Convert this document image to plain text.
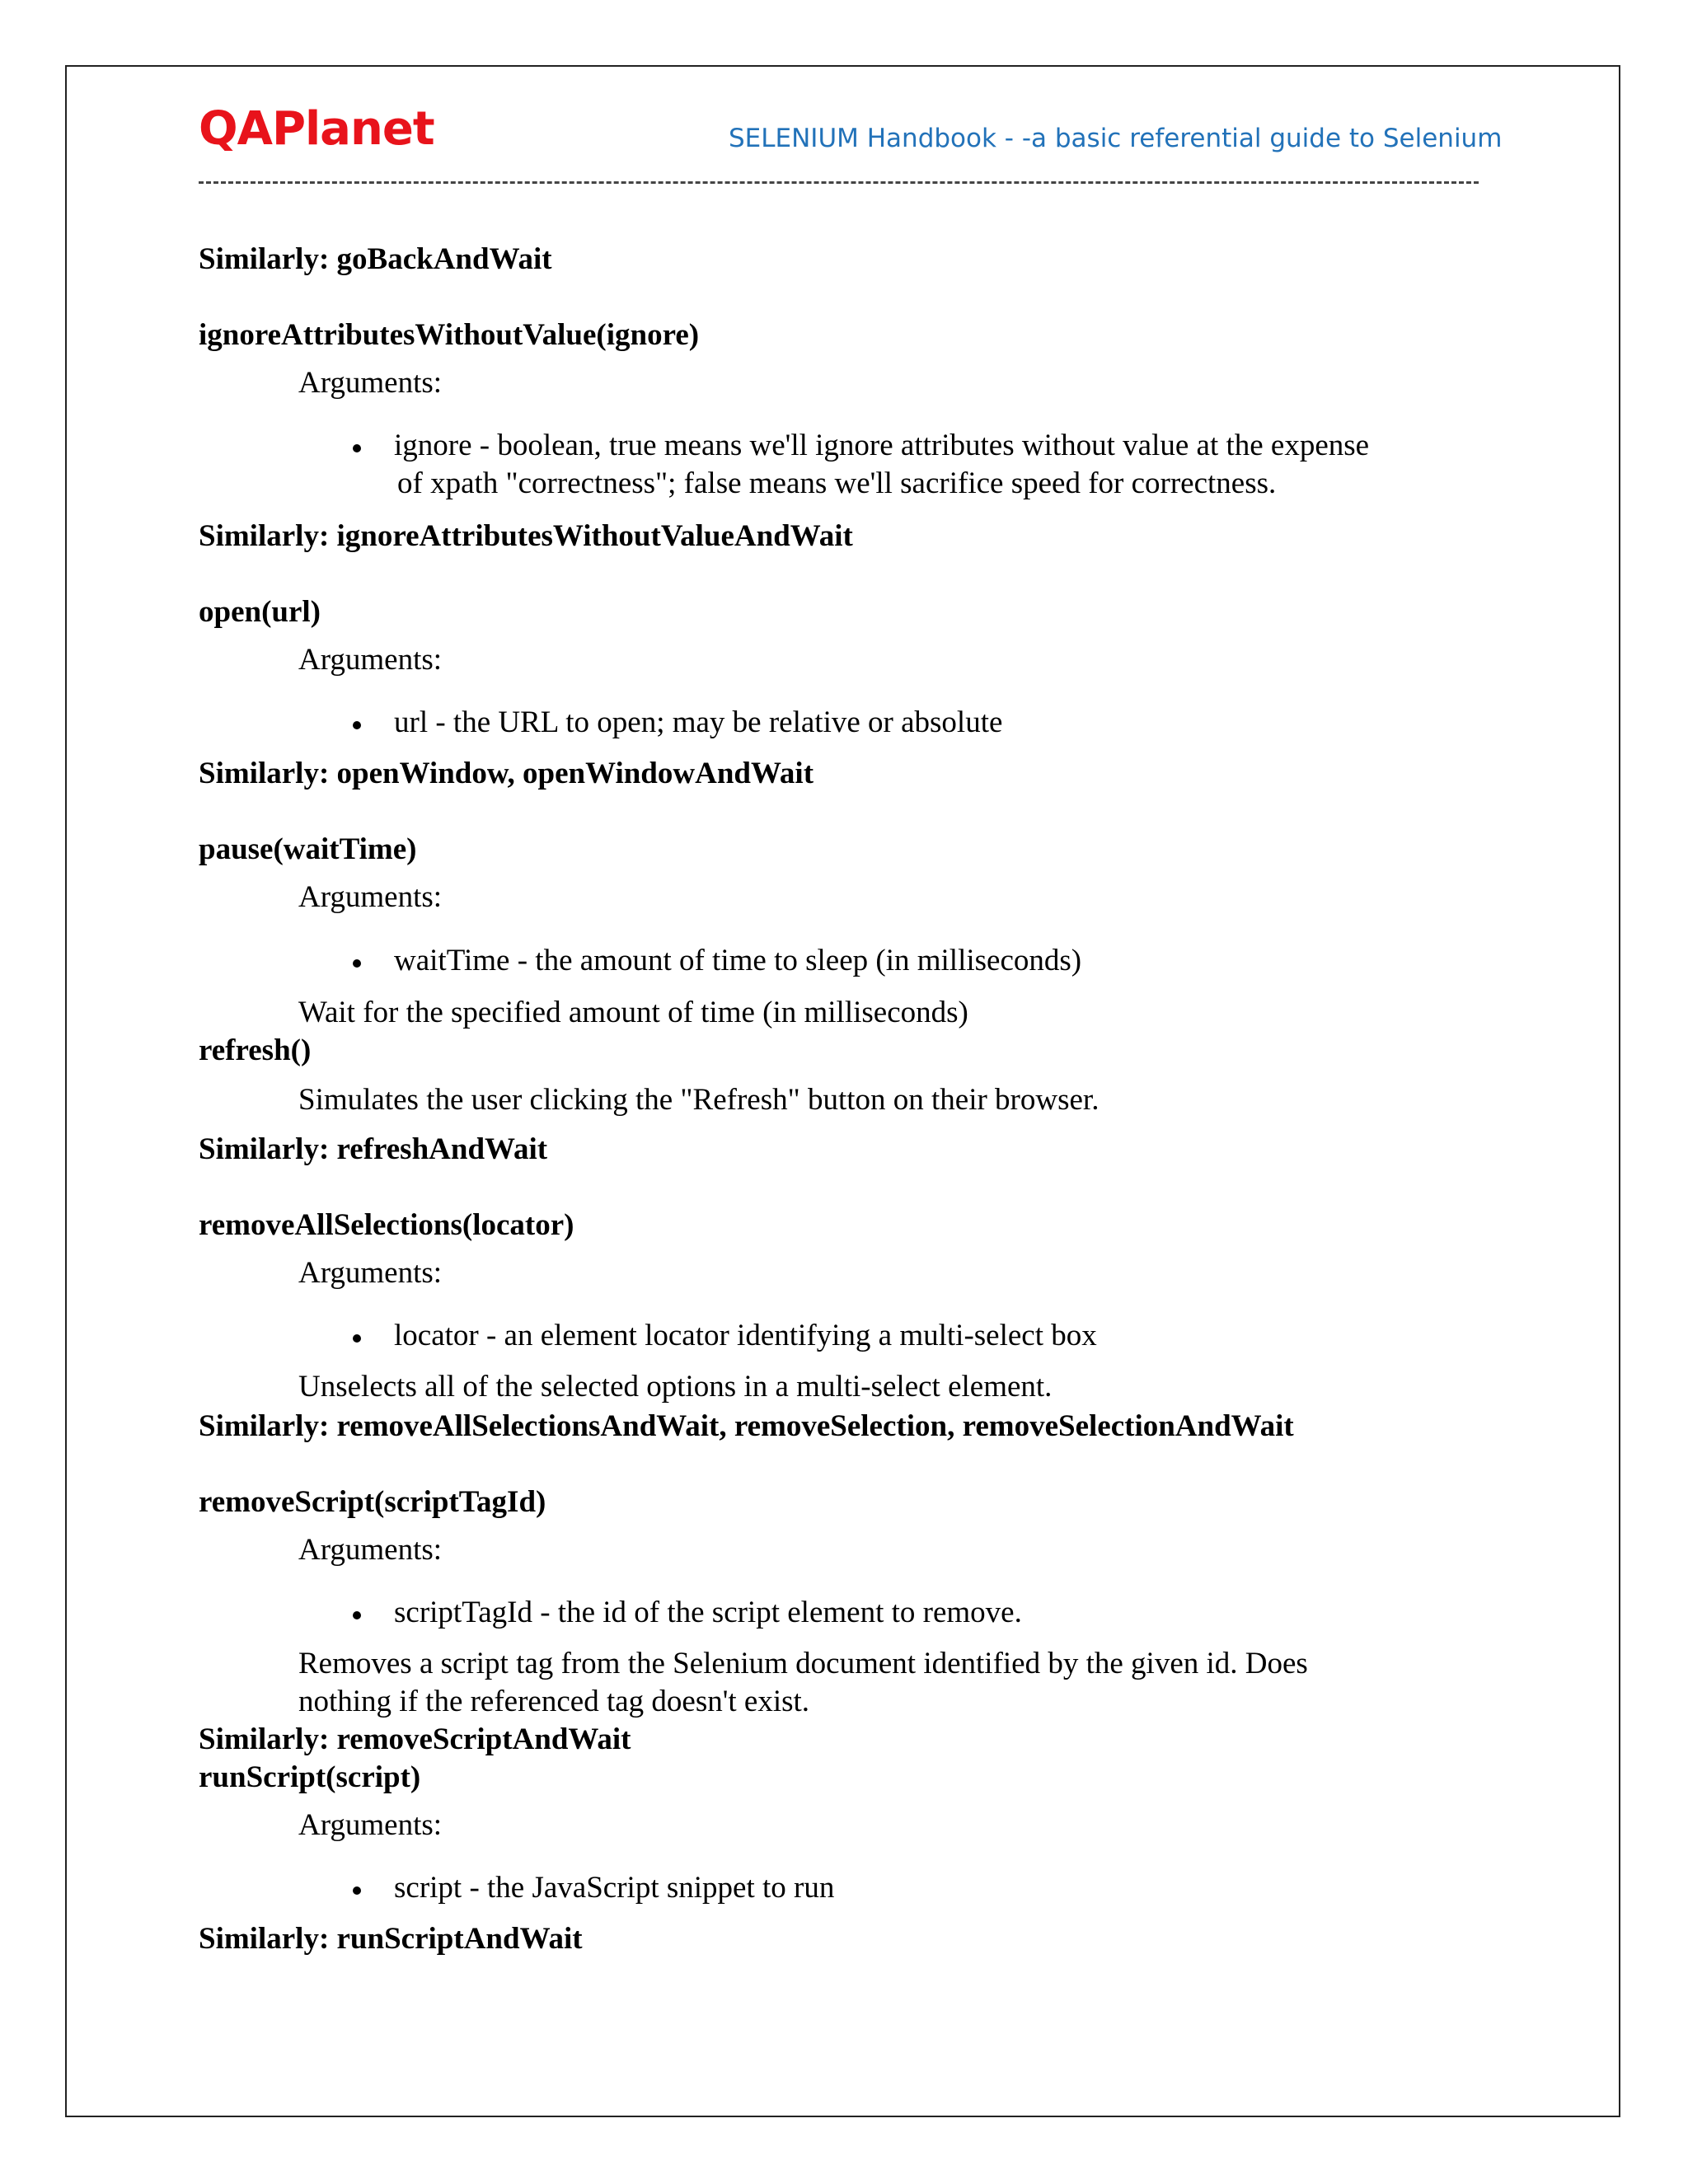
QAPlanet	SELENIUM Handbook - -a basic referential guide to Selenium
Similarly: goBackAndWait
ignoreAttributesWithoutValue(ignore)
Arguments:
ignore - boolean, true means we'll ignore attributes without value at the expense
of xpath "correctness"; false means we'll sacrifice speed for correctness.
Similarly: ignoreAttributesWithoutValueAndWait
open(url)
Arguments:
url - the URL to open; may be relative or absolute
Similarly: openWindow, openWindowAndWait
pause(waitTime)
Arguments:
waitTime - the amount of time to sleep (in milliseconds)
Wait for the specified amount of time (in milliseconds)
refresh()
Simulates the user clicking the "Refresh" button on their browser.
Similarly: refreshAndWait
removeAllSelections(locator)
Arguments:
locator - an element locator identifying a multi-select box
Unselects all of the selected options in a multi-select element.
Similarly: removeAllSelectionsAndWait, removeSelection, removeSelectionAndWait
removeScript(scriptTagId)
Arguments:
scriptTagId - the id of the script element to remove.
Removes a script tag from the Selenium document identified by the given id. Does
nothing if the referenced tag doesn't exist.
Similarly: removeScriptAndWait
runScript(script)
Arguments:
script - the JavaScript snippet to run
Similarly: runScriptAndWait
